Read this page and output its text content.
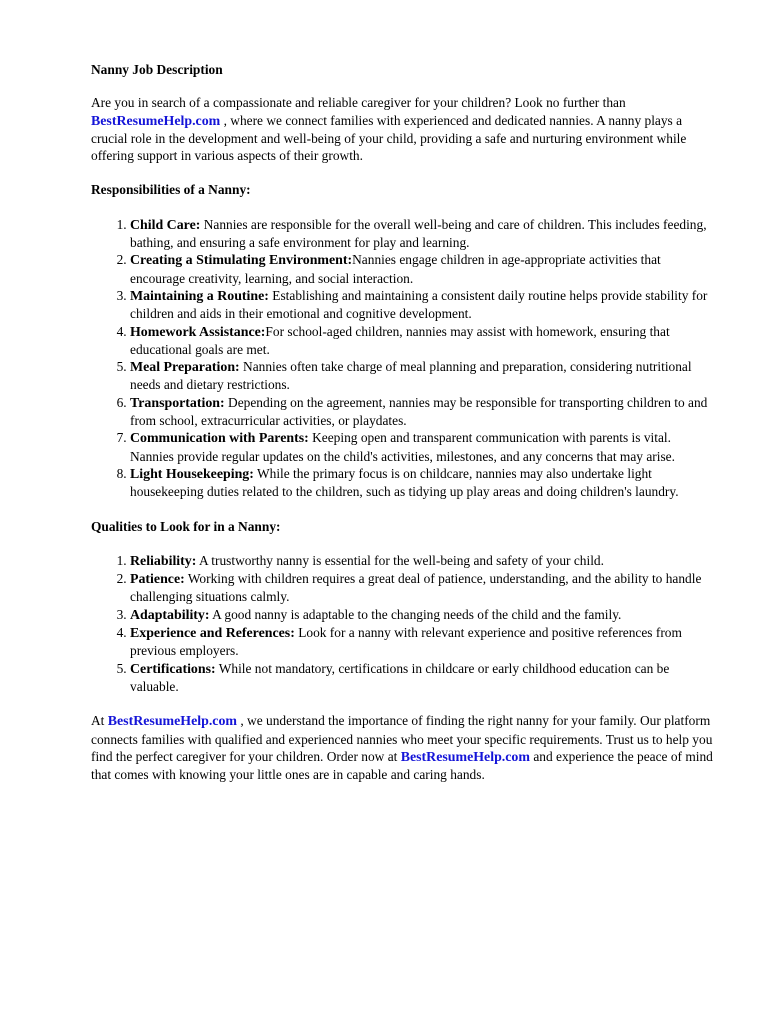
Nanny Job Description

Are you in search of a compassionate and reliable caregiver for your children? Look no further than BestResumeHelp.com , where we connect families with experienced and dedicated nannies. A nanny plays a crucial role in the development and well-being of your child, providing a safe and nurturing environment while offering support in various aspects of their growth.

Responsibilities of a Nanny:

1. Child Care: Nannies are responsible for the overall well-being and care of children. This includes feeding, bathing, and ensuring a safe environment for play and learning.
2. Creating a Stimulating Environment:Nannies engage children in age-appropriate activities that encourage creativity, learning, and social interaction.
3. Maintaining a Routine: Establishing and maintaining a consistent daily routine helps provide stability for children and aids in their emotional and cognitive development.
4. Homework Assistance:For school-aged children, nannies may assist with homework, ensuring that educational goals are met.
5. Meal Preparation: Nannies often take charge of meal planning and preparation, considering nutritional needs and dietary restrictions.
6. Transportation: Depending on the agreement, nannies may be responsible for transporting children to and from school, extracurricular activities, or playdates.
7. Communication with Parents: Keeping open and transparent communication with parents is vital. Nannies provide regular updates on the child's activities, milestones, and any concerns that may arise.
8. Light Housekeeping: While the primary focus is on childcare, nannies may also undertake light housekeeping duties related to the children, such as tidying up play areas and doing children's laundry.

Qualities to Look for in a Nanny:

1. Reliability: A trustworthy nanny is essential for the well-being and safety of your child.
2. Patience: Working with children requires a great deal of patience, understanding, and the ability to handle challenging situations calmly.
3. Adaptability: A good nanny is adaptable to the changing needs of the child and the family.
4. Experience and References: Look for a nanny with relevant experience and positive references from previous employers.
5. Certifications: While not mandatory, certifications in childcare or early childhood education can be valuable.

At BestResumeHelp.com , we understand the importance of finding the right nanny for your family. Our platform connects families with qualified and experienced nannies who meet your specific requirements. Trust us to help you find the perfect caregiver for your children. Order now at BestResumeHelp.com and experience the peace of mind that comes with knowing your little ones are in capable and caring hands.
